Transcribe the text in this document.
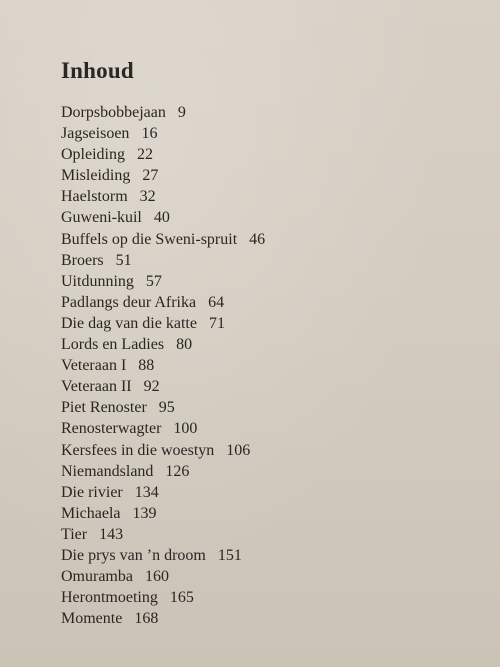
Inhoud
Dorpsbobbejaan 9
Jagseisoen 16
Opleiding 22
Misleiding 27
Haelstorm 32
Guweni-kuil 40
Buffels op die Sweni-spruit 46
Broers 51
Uitdunning 57
Padlangs deur Afrika 64
Die dag van die katte 71
Lords en Ladies 80
Veteraan I 88
Veteraan II 92
Piet Renoster 95
Renosterwagter 100
Kersfees in die woestyn 106
Niemandsland 126
Die rivier 134
Michaela 139
Tier 143
Die prys van ’n droom 151
Omuramba 160
Herontmoeting 165
Momente 168
